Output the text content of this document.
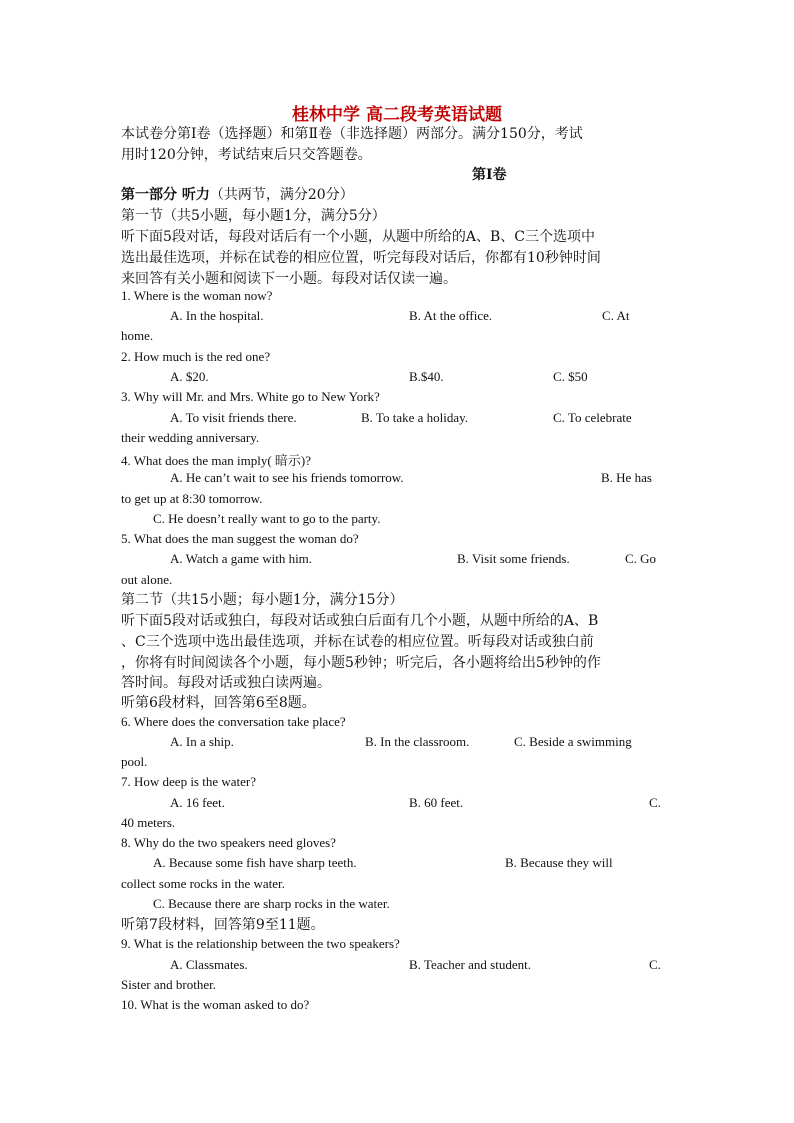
桂林中学 高二段考英语试题
本试卷分第Ⅰ卷（选择题）和第Ⅱ卷（非选择题）两部分。满分150分，考试
用时120分钟，考试结束后只交答题卷。
第Ⅰ卷
第一部分 听力（共两节，满分20分）
第一节（共5小题，每小题1分，满分5分）
听下面5段对话，每段对话后有一个小题，从题中所给的A、B、C三个选项中
选出最佳选项，并标在试卷的相应位置，听完每段对话后，你都有10秒钟时间
来回答有关小题和阅读下一小题。每段对话仅读一遍。
1. Where is the woman now?
A. In the hospital.	B. At the office.	C. At
home.
2. How much is the red one?
A. $20.	B.$40.	C. $50
3. Why will Mr. and Mrs. White go to New York?
A. To visit friends there.	B. To take a holiday.	C. To celebrate
their wedding anniversary.
4. What does the man imply( 暗示)?
A. He can’t wait to see his friends tomorrow.	B. He has
to get up at 8:30 tomorrow.
C. He doesn’t really want to go to the party.
5. What does the man suggest the woman do?
A. Watch a game with him.	B. Visit some friends.	C. Go
out alone.
第二节（共15小题；每小题1分，满分15分）
听下面5段对话或独白，每段对话或独白后面有几个小题，从题中所给的A、B
、C三个选项中选出最佳选项，并标在试卷的相应位置。听每段对话或独白前
，你将有时间阅读各个小题，每小题5秒钟；听完后，各小题将给出5秒钟的作
答时间。每段对话或独白读两遍。
听第6段材料，回答第6至8题。
6. Where does the conversation take place?
A. In a ship.	B. In the classroom.	C. Beside a swimming
pool.
7. How deep is the water?
A. 16 feet.	B. 60 feet.	C.
40 meters.
8. Why do the two speakers need gloves?
A. Because some fish have sharp teeth.	B. Because they will
collect some rocks in the water.
C. Because there are sharp rocks in the water.
听第7段材料，回答第9至11题。
9. What is the relationship between the two speakers?
A. Classmates.	B. Teacher and student.	C.
Sister and brother.
10. What is the woman asked to do?
